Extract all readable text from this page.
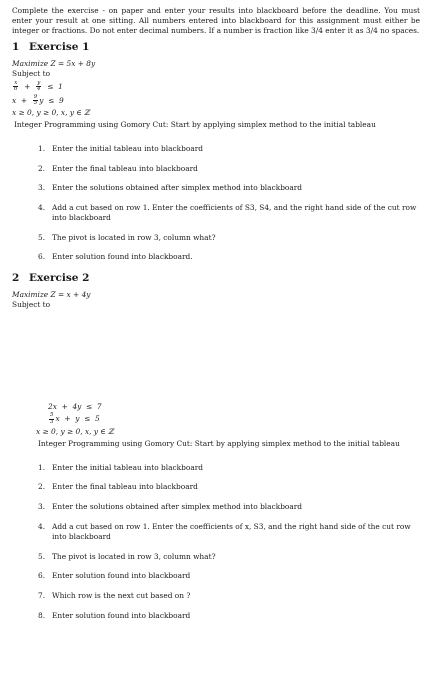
Complete the exercise - on paper and enter your results into blackboard before the deadline. You must enter your result at one sitting. All numbers entered into blackboard for this assignment must either be integer or fractions. Do not enter decimal numbers. If a number is fraction like 3/4 enter it as 3/4 no spaces.

1 Exercise 1

Maximize Z = 5x + 8y

Subject to

$\frac{x}{6} + \frac{y}{4} \le 1$
$x + \frac{9}{5}$ y ≤ 9

x ≥ 0, y ≥ 0, x, y ∈ ℤ

Integer Programming using Gomory Cut: Start by applying simplex method to the initial tableau

1. Enter the initial tableau into blackboard
2. Enter the final tableau into blackboard
3. Enter the solutions obtained after simplex method into blackboard
4. Add a cut based on row 1. Enter the coefficients of S3, S4, and the right hand side of the cut row into blackboard
5. The pivot is located in row 3, column what?
6. Enter solution found into blackboard.
2 Exercise 2

Maximize Z = x + 4y

Subject to

2x  +  4y  ≤  7
$\frac{5}{3}$ x + y ≤ 5

x ≥ 0, y ≥ 0, x, y ∈ ℤ

Integer Programming using Gomory Cut: Start by applying simplex method to the initial tableau

1. Enter the initial tableau into blackboard
2. Enter the final tableau into blackboard
3. Enter the solutions obtained after simplex method into blackboard
4. Add a cut based on row 1. Enter the coefficients of x, S3, and the right hand side of the cut row into blackboard
5. The pivot is located in row 3, column what?
6. Enter solution found into blackboard
7. Which row is the next cut based on ?
8. Enter solution found into blackboard
